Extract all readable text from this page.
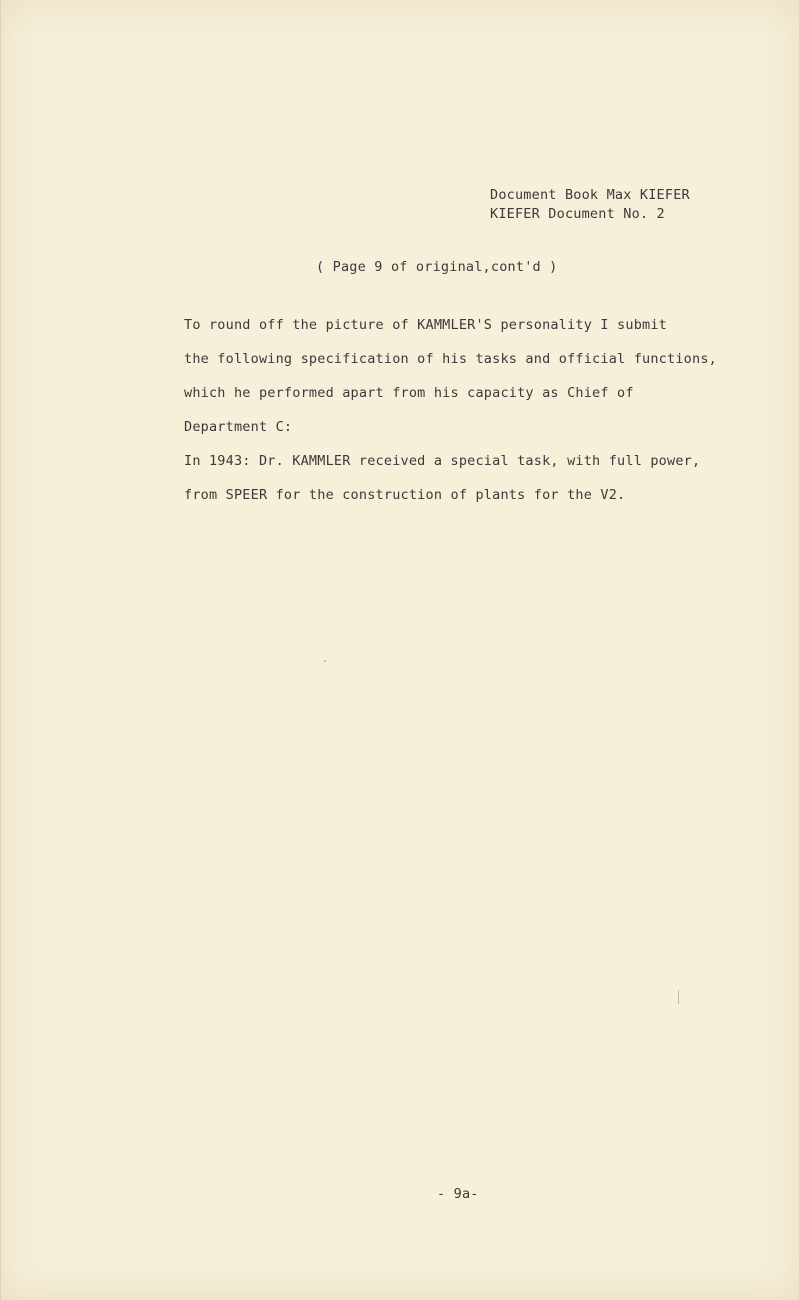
Document Book Max KIEFER
KIEFER Document No. 2
( Page 9 of original,cont'd )
To round off the picture of KAMMLER'S personality I submit
the following specification of his tasks and official functions,
which he performed apart from his capacity as Chief of
Department C:
In 1943: Dr. KAMMLER received a special task, with full power,
from SPEER for the construction of plants for the V2.
- 9a-
